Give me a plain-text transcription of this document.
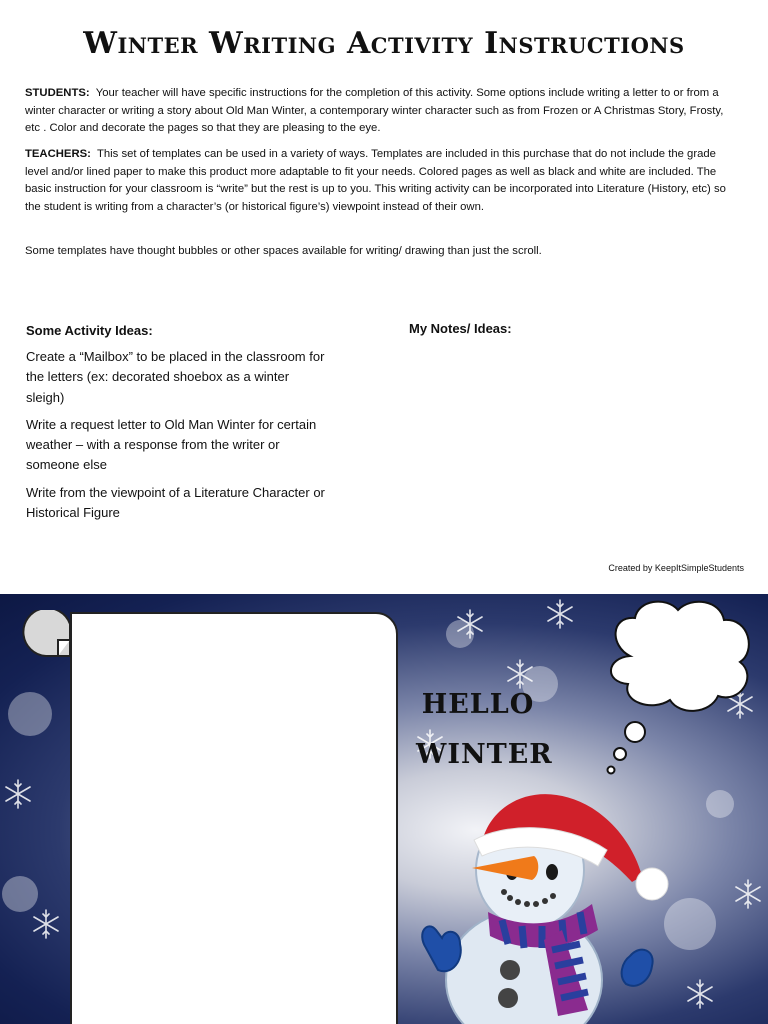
Winter Writing Activity Instructions

STUDENTS: Your teacher will have specific instructions for the completion of this activity. Some options include writing a letter to or from a winter character or writing a story about Old Man Winter, a contemporary winter character such as from Frozen or A Christmas Story, Frosty, etc . Color and decorate the pages so that they are pleasing to the eye.

TEACHERS: This set of templates can be used in a variety of ways. Templates are included in this purchase that do not include the grade level and/or lined paper to make this product more adaptable to fit your needs. Colored pages as well as black and white are included. The basic instruction for your classroom is “write” but the rest is up to you. This writing activity can be incorporated into Literature (History, etc) so the student is writing from a character’s (or historical figure’s) viewpoint instead of their own.

Some templates have thought bubbles or other spaces available for writing/ drawing than just the scroll.

Some Activity Ideas:

Create a “Mailbox” to be placed in the classroom for the letters (ex: decorated shoebox as a winter sleigh)

Write a request letter to Old Man Winter for certain weather – with a response from the writer or someone else

Write from the viewpoint of a Literature Character or Historical Figure

My Notes/ Ideas:
Created by KeepItSimpleStudents
HELLO
WINTER
